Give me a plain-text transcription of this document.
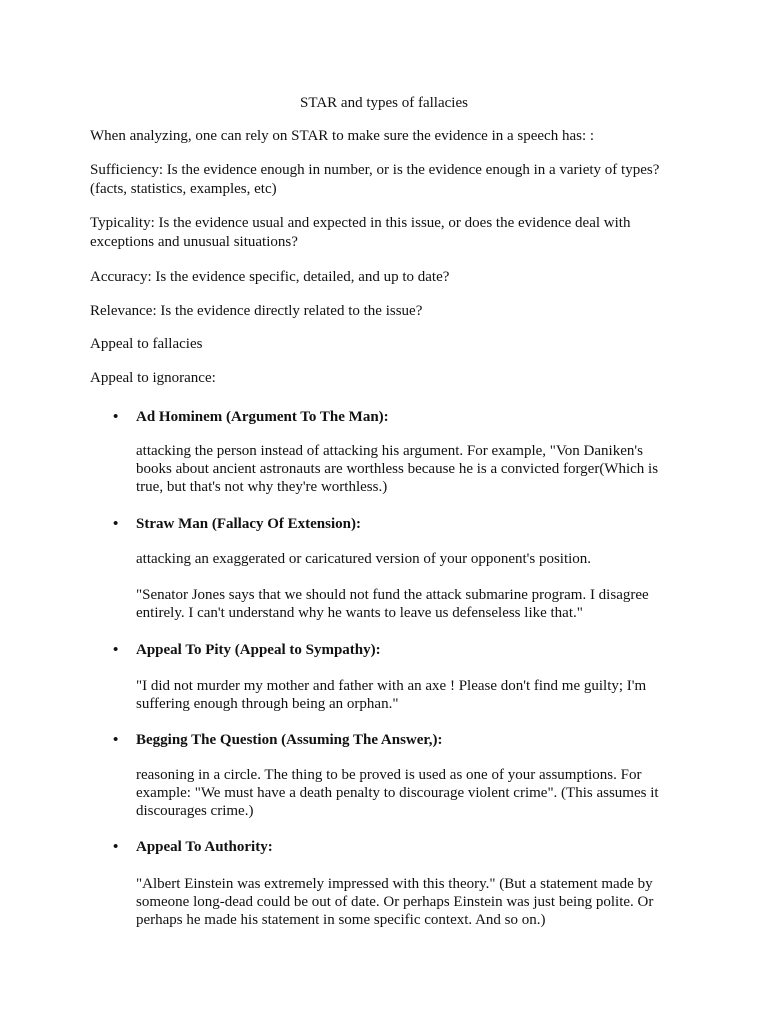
STAR and types of fallacies

When analyzing, one can rely on STAR to make sure the evidence in a speech has: :

Sufficiency: Is the evidence enough in number, or is the evidence enough in a variety of types? (facts, statistics, examples, etc)

Typicality: Is the evidence usual and expected in this issue, or does the evidence deal with exceptions and unusual situations?

Accuracy: Is the evidence specific, detailed, and up to date?

Relevance: Is the evidence directly related to the issue?

Appeal to fallacies

Appeal to ignorance:

•	Ad Hominem (Argument To The Man):

attacking the person instead of attacking his argument. For example, "Von Daniken's books about ancient astronauts are worthless because he is a convicted forger(Which is true, but that's not why they're worthless.)

•	Straw Man (Fallacy Of Extension):

attacking an exaggerated or caricatured version of your opponent's position.

"Senator Jones says that we should not fund the attack submarine program. I disagree entirely. I can't understand why he wants to leave us defenseless like that."

•	Appeal To Pity (Appeal to Sympathy):

"I did not murder my mother and father with an axe ! Please don't find me guilty; I'm suffering enough through being an orphan."

•	Begging The Question (Assuming The Answer,):

reasoning in a circle. The thing to be proved is used as one of your assumptions. For example: "We must have a death penalty to discourage violent crime". (This assumes it discourages crime.)

•	Appeal To Authority:

"Albert Einstein was extremely impressed with this theory." (But a statement made by someone long-dead could be out of date. Or perhaps Einstein was just being polite. Or perhaps he made his statement in some specific context. And so on.)
